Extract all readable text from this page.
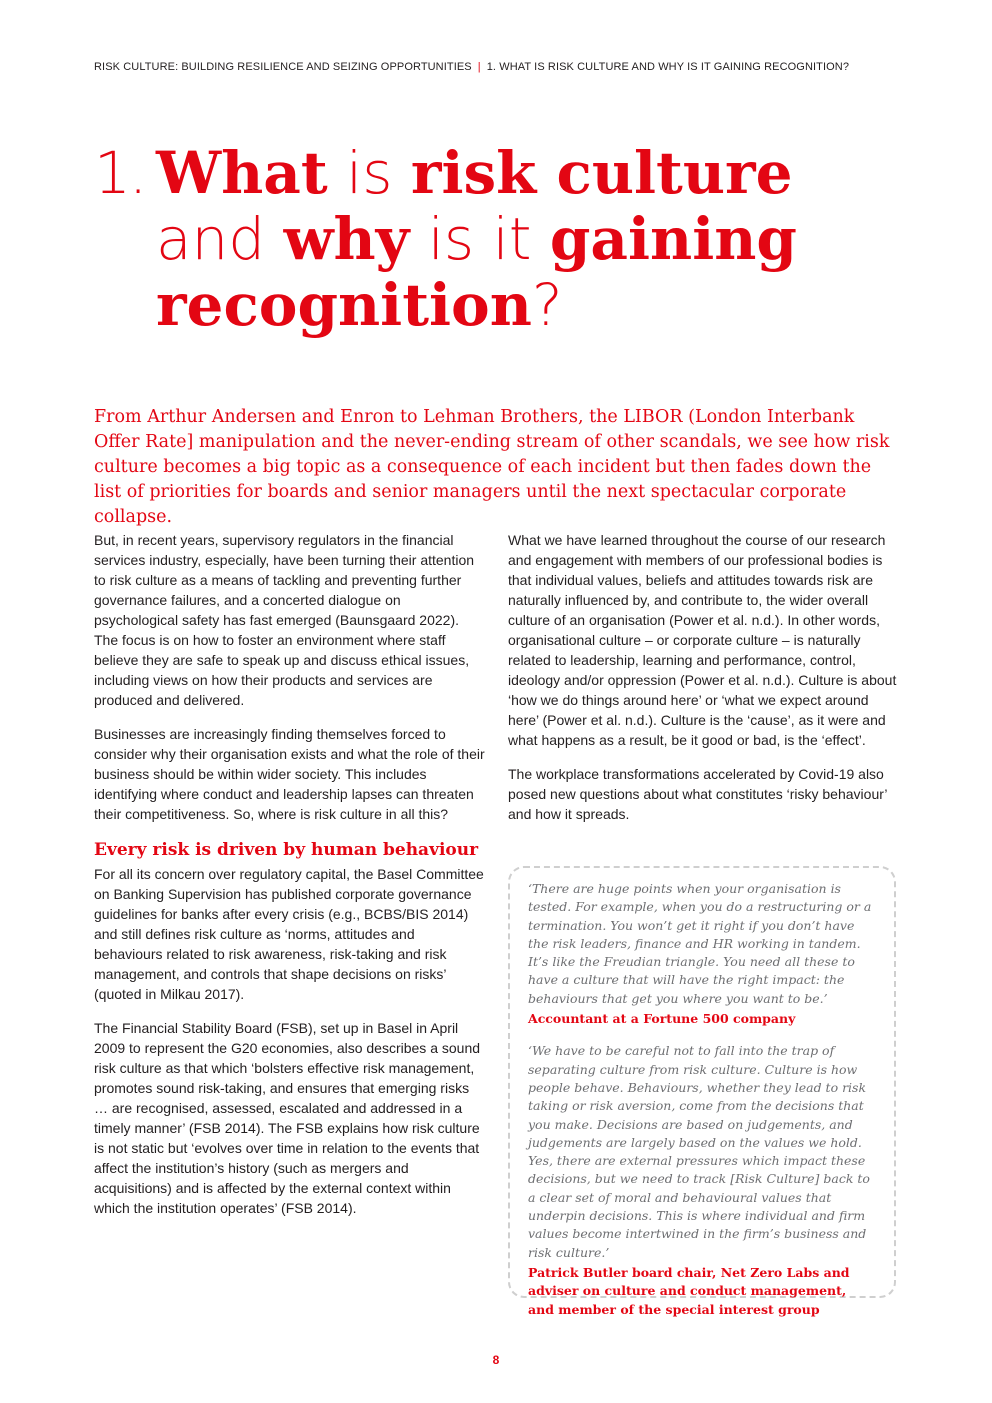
RISK CULTURE: BUILDING RESILIENCE AND SEIZING OPPORTUNITIES | 1. WHAT IS RISK CULTURE AND WHY IS IT GAINING RECOGNITION?
1. What is risk culture
and why is it gaining
recognition?
From Arthur Andersen and Enron to Lehman Brothers, the LIBOR (London Interbank Offer Rate] manipulation and the never-ending stream of other scandals, we see how risk culture becomes a big topic as a consequence of each incident but then fades down the list of priorities for boards and senior managers until the next spectacular corporate collapse.

But, in recent years, supervisory regulators in the financial services industry, especially, have been turning their attention to risk culture as a means of tackling and preventing further governance failures, and a concerted dialogue on psychological safety has fast emerged (Baunsgaard 2022). The focus is on how to foster an environment where staff believe they are safe to speak up and discuss ethical issues, including views on how their products and services are produced and delivered.

Businesses are increasingly finding themselves forced to consider why their organisation exists and what the role of their business should be within wider society. This includes identifying where conduct and leadership lapses can threaten their competitiveness. So, where is risk culture in all this?

Every risk is driven by human behaviour

For all its concern over regulatory capital, the Basel Committee on Banking Supervision has published corporate governance guidelines for banks after every crisis (e.g., BCBS/BIS 2014) and still defines risk culture as ‘norms, attitudes and behaviours related to risk awareness, risk-taking and risk management, and controls that shape decisions on risks’ (quoted in Milkau 2017).

The Financial Stability Board (FSB), set up in Basel in April 2009 to represent the G20 economies, also describes a sound risk culture as that which ‘bolsters effective risk management, promotes sound risk-taking, and ensures that emerging risks … are recognised, assessed, escalated and addressed in a timely manner’ (FSB 2014). The FSB explains how risk culture is not static but ‘evolves over time in relation to the events that affect the institution’s history (such as mergers and acquisitions) and is affected by the external context within which the institution operates’ (FSB 2014).

What we have learned throughout the course of our research and engagement with members of our professional bodies is that individual values, beliefs and attitudes towards risk are naturally influenced by, and contribute to, the wider overall culture of an organisation (Power et al. n.d.). In other words, organisational culture – or corporate culture – is naturally related to leadership, learning and performance, control, ideology and/or oppression (Power et al. n.d.). Culture is about ‘how we do things around here’ or ‘what we expect around here’ (Power et al. n.d.). Culture is the ‘cause’, as it were and what happens as a result, be it good or bad, is the ‘effect’.

The workplace transformations accelerated by Covid-19 also posed new questions about what constitutes ‘risky behaviour’ and how it spreads.

‘There are huge points when your organisation is tested. For example, when you do a restructuring or a termination. You won’t get it right if you don’t have the risk leaders, finance and HR working in tandem. It’s like the Freudian triangle. You need all these to have a culture that will have the right impact: the behaviours that get you where you want to be.’

Accountant at a Fortune 500 company

‘We have to be careful not to fall into the trap of separating culture from risk culture. Culture is how people behave. Behaviours, whether they lead to risk taking or risk aversion, come from the decisions that you make. Decisions are based on judgements, and judgements are largely based on the values we hold. Yes, there are external pressures which impact these decisions, but we need to track [Risk Culture] back to a clear set of moral and behavioural values that underpin decisions. This is where individual and firm values become intertwined in the firm’s business and risk culture.’

Patrick Butler board chair, Net Zero Labs and adviser on culture and conduct management, and member of the special interest group

8
